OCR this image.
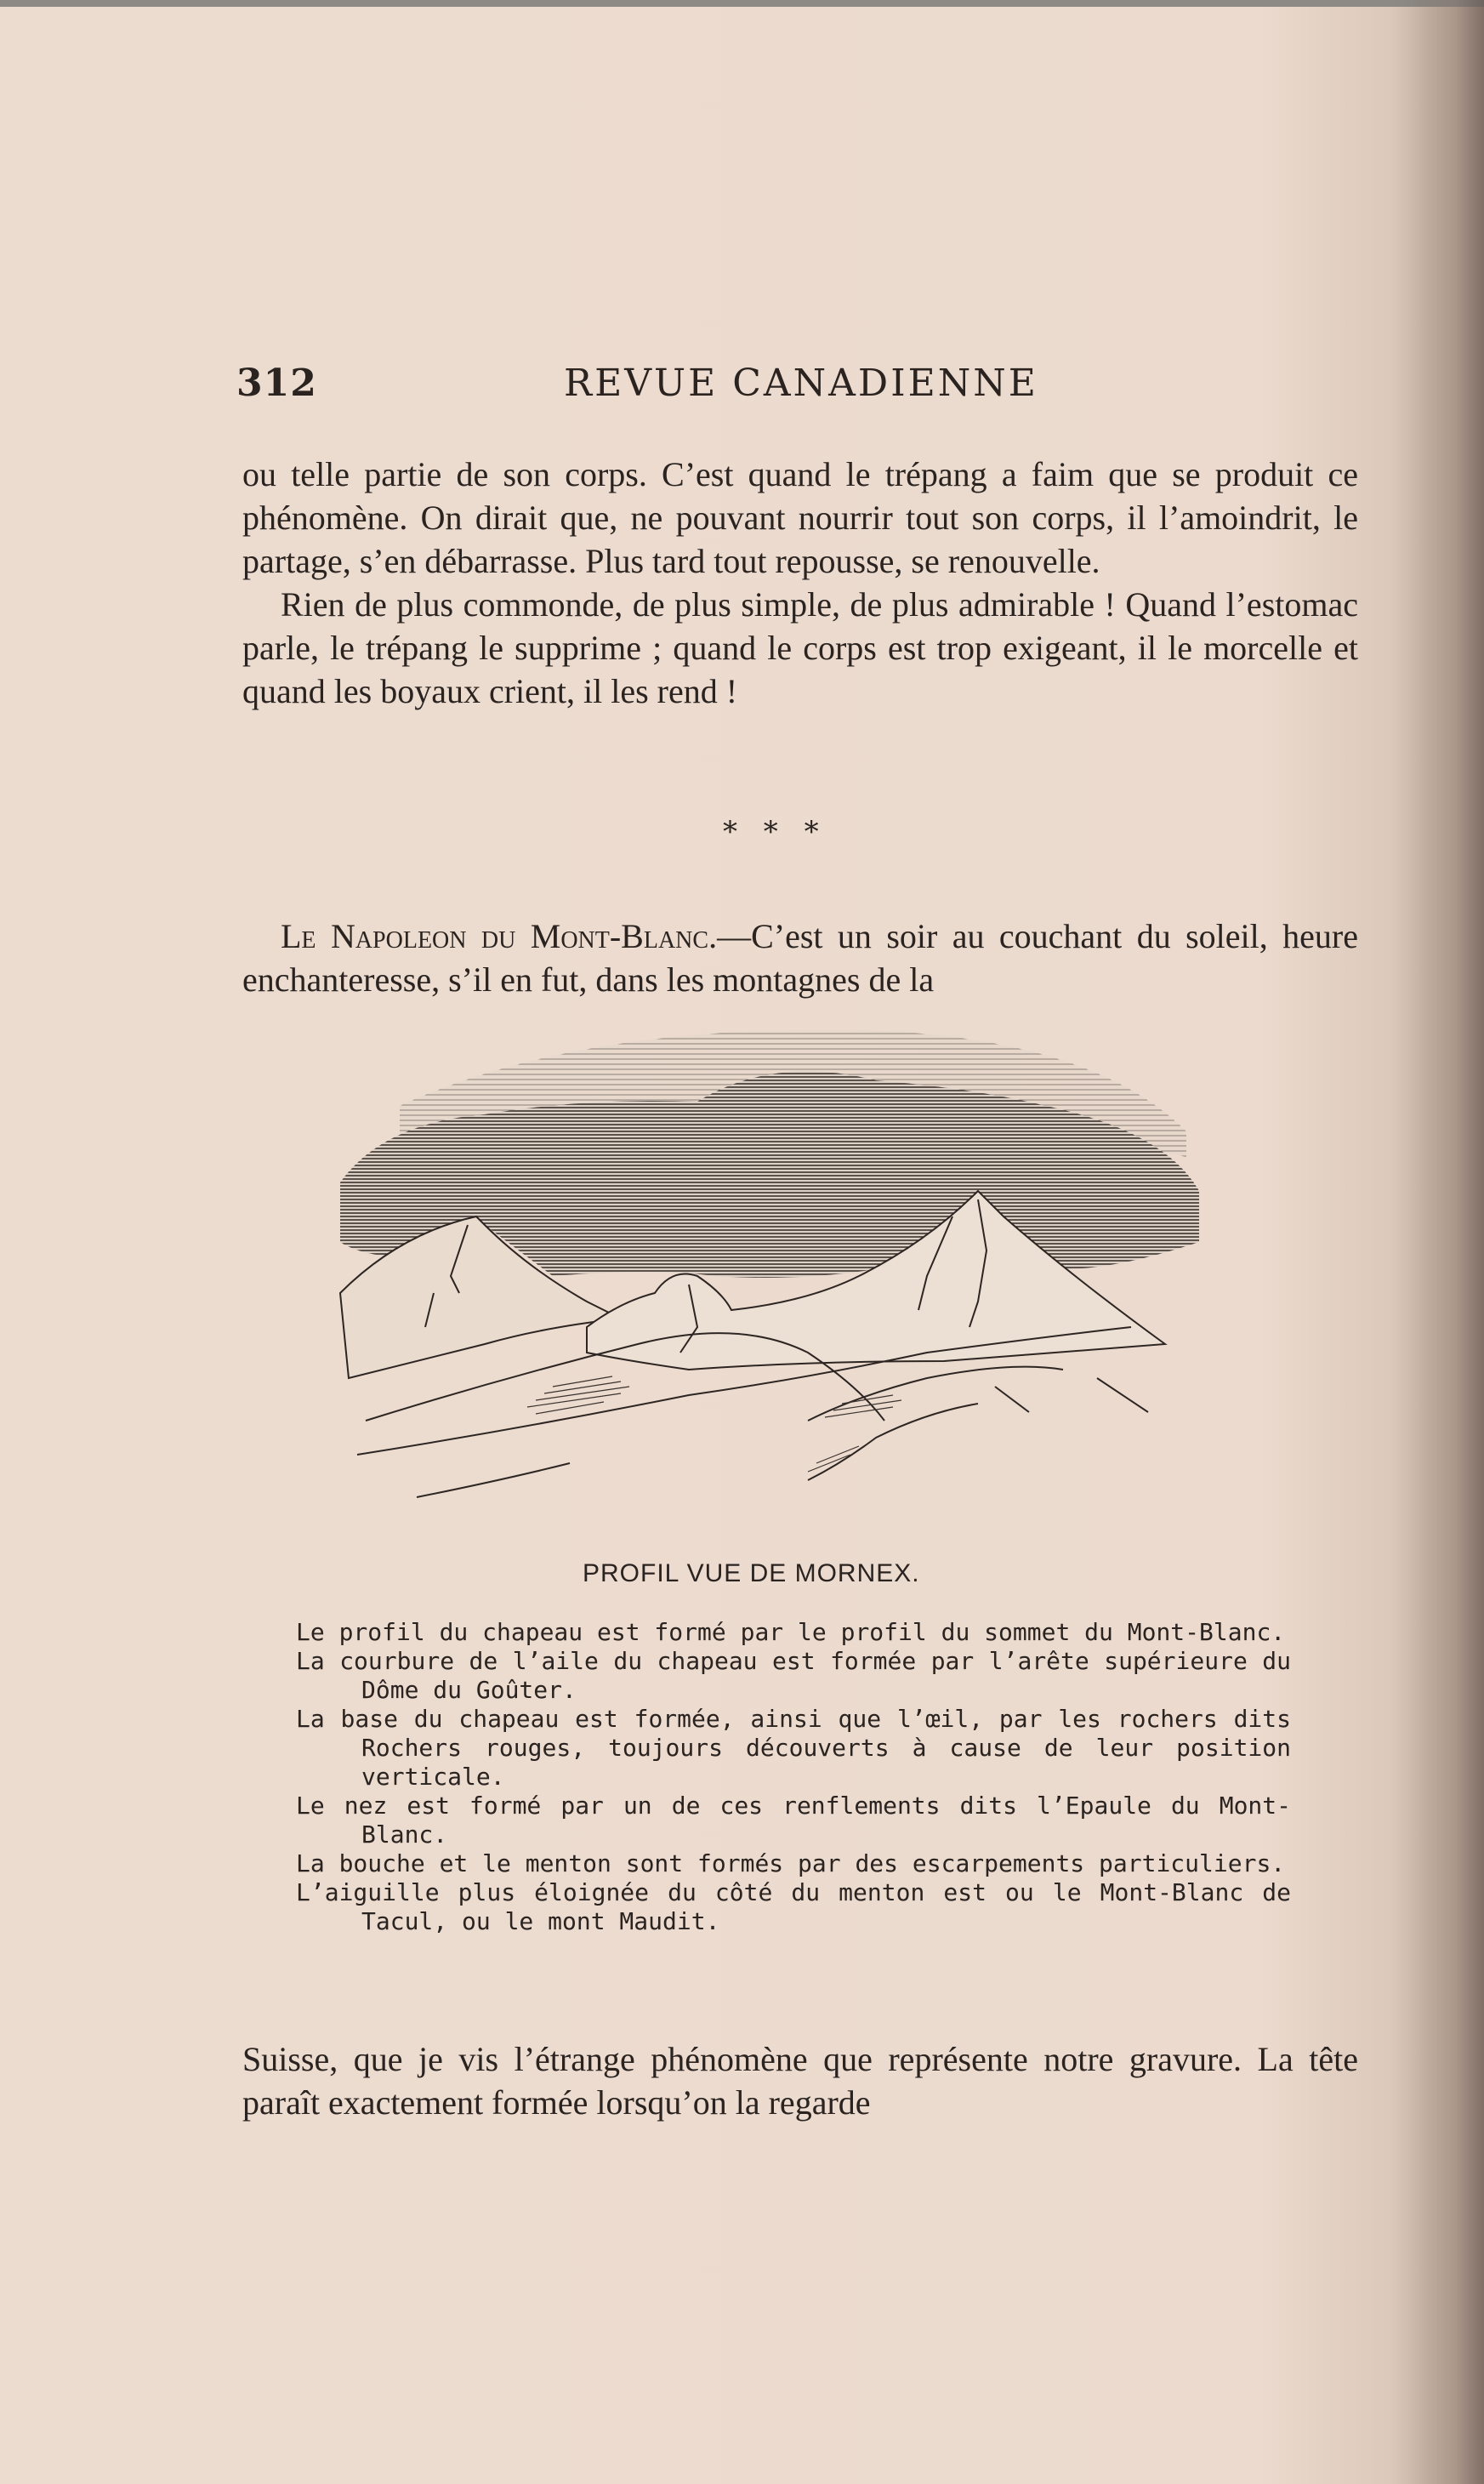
312	REVUE CANADIENNE

ou telle partie de son corps. C’est quand le trépang a faim que se produit ce phénomène. On dirait que, ne pouvant nourrir tout son corps, il l’amoindrit, le partage, s’en débarrasse. Plus tard tout repousse, se renouvelle.

Rien de plus commonde, de plus simple, de plus admirable ! Quand l’estomac parle, le trépang le supprime ; quand le corps est trop exigeant, il le morcelle et quand les boyaux crient, il les rend !

* * *

Le Napoleon du Mont-Blanc.—C’est un soir au couchant du soleil, heure enchanteresse, s’il en fut, dans les montagnes de la

PROFIL VUE DE MORNEX.
Le profil du chapeau est formé par le profil du sommet du Mont-Blanc.
La courbure de l’aile du chapeau est formée par l’arête supérieure du Dôme du Goûter.
La base du chapeau est formée, ainsi que l’œil, par les rochers dits Rochers rouges, toujours découverts à cause de leur position verticale.
Le nez est formé par un de ces renflements dits l’Epaule du Mont-Blanc.
La bouche et le menton sont formés par des escarpements particuliers.
L’aiguille plus éloignée du côté du menton est ou le Mont-Blanc de Tacul, ou le mont Maudit.

Suisse, que je vis l’étrange phénomène que représente notre gravure. La tête paraît exactement formée lorsqu’on la regarde
